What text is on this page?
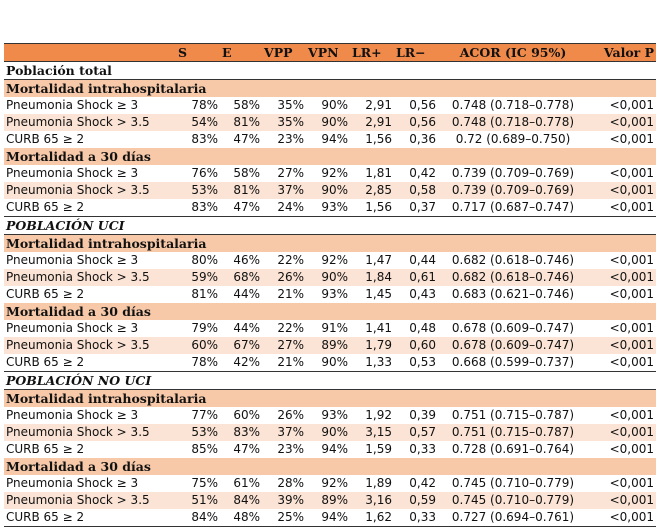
	S	E	VPP	VPN	LR+	LR−	ACOR (IC 95%)	Valor P
Población total								
Mortalidad intrahospitalaria								
Pneumonia Shock ≥ 3	78%	58%	35%	90%	2,91	0,56	0.748 (0.718–0.778)	<0,001
Pneumonia Shock > 3.5	54%	81%	35%	90%	2,91	0,56	0.748 (0.718–0.778)	<0,001
CURB 65 ≥ 2	83%	47%	23%	94%	1,56	0,36	0.72 (0.689–0.750)	<0,001
Mortalidad a 30 días								
Pneumonia Shock ≥ 3	76%	58%	27%	92%	1,81	0,42	0.739 (0.709–0.769)	<0,001
Pneumonia Shock > 3.5	53%	81%	37%	90%	2,85	0,58	0.739 (0.709–0.769)	<0,001
CURB 65 ≥ 2	83%	47%	24%	93%	1,56	0,37	0.717 (0.687–0.747)	<0,001
POBLACIÓN UCI								
Mortalidad intrahospitalaria								
Pneumonia Shock ≥ 3	80%	46%	22%	92%	1,47	0,44	0.682 (0.618–0.746)	<0,001
Pneumonia Shock > 3.5	59%	68%	26%	90%	1,84	0,61	0.682 (0.618–0.746)	<0,001
CURB 65 ≥ 2	81%	44%	21%	93%	1,45	0,43	0.683 (0.621–0.746)	<0,001
Mortalidad a 30 días								
Pneumonia Shock ≥ 3	79%	44%	22%	91%	1,41	0,48	0.678 (0.609–0.747)	<0,001
Pneumonia Shock > 3.5	60%	67%	27%	89%	1,79	0,60	0.678 (0.609–0.747)	<0,001
CURB 65 ≥ 2	78%	42%	21%	90%	1,33	0,53	0.668 (0.599–0.737)	<0,001
POBLACIÓN NO UCI								
Mortalidad intrahospitalaria								
Pneumonia Shock ≥ 3	77%	60%	26%	93%	1,92	0,39	0.751 (0.715–0.787)	<0,001
Pneumonia Shock > 3.5	53%	83%	37%	90%	3,15	0,57	0.751 (0.715–0.787)	<0,001
CURB 65 ≥ 2	85%	47%	23%	94%	1,59	0,33	0.728 (0.691–0.764)	<0,001
Mortalidad a 30 días								
Pneumonia Shock ≥ 3	75%	61%	28%	92%	1,89	0,42	0.745 (0.710–0.779)	<0,001
Pneumonia Shock > 3.5	51%	84%	39%	89%	3,16	0,59	0.745 (0.710–0.779)	<0,001
CURB 65 ≥ 2	84%	48%	25%	94%	1,62	0,33	0.727 (0.694–0.761)	<0,001
